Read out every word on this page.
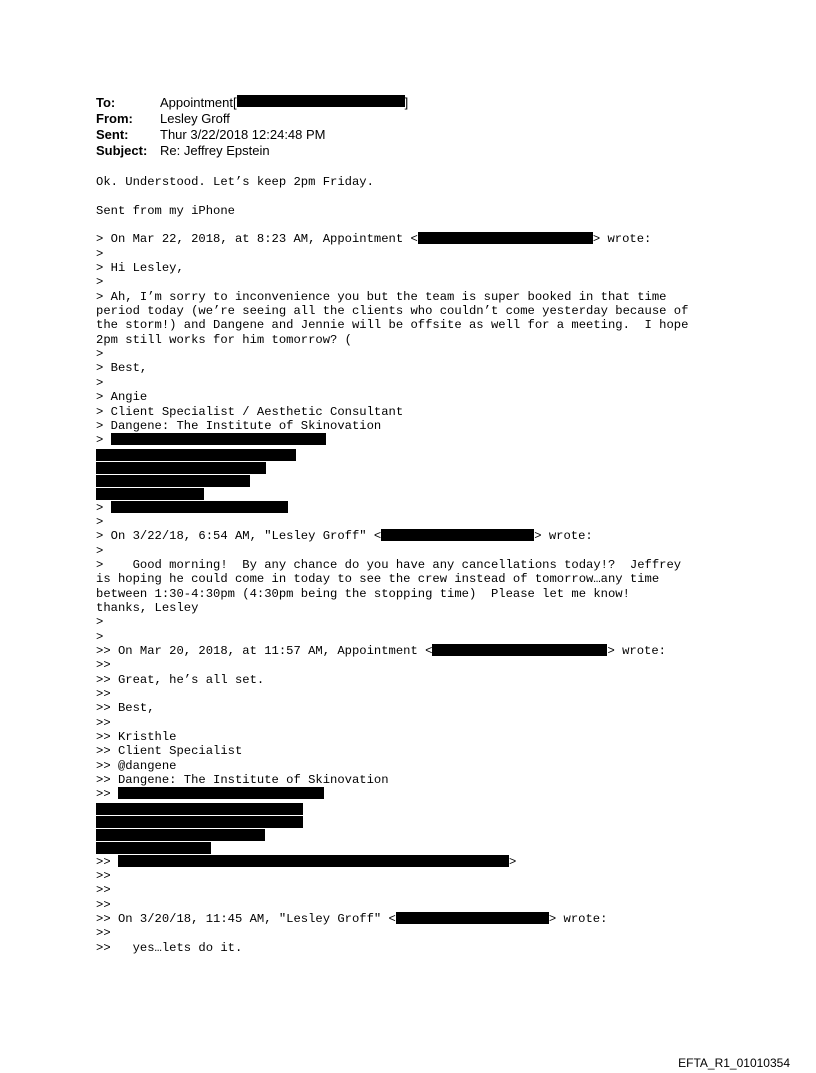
To:	Appointment[	]
From:	Lesley Groff
Sent:	Thur 3/22/2018 12:24:48 PM
Subject: Re: Jeffrey Epstein
Ok. Understood. Let’s keep 2pm Friday.
Sent from my iPhone
> On Mar 22, 2018, at 8:23 AM, Appointment <	> wrote:
>
> Hi Lesley,
>
> Ah, I’m sorry to inconvenience you but the team is super booked in that time
period today (we’re seeing all the clients who couldn’t come yesterday because of
the storm!) and Dangene and Jennie will be offsite as well for a meeting.  I hope
2pm still works for him tomorrow? (
>
> Best,
>
> Angie
> Client Specialist / Aesthetic Consultant
> Dangene: The Institute of Skinovation
>
>
>
> On 3/22/18, 6:54 AM, "Lesley Groff" <	> wrote:
>
>    Good morning!  By any chance do you have any cancellations today!?  Jeffrey
is hoping he could come in today to see the crew instead of tomorrow…any time
between 1:30-4:30pm (4:30pm being the stopping time)  Please let me know!
thanks, Lesley
>
>
>> On Mar 20, 2018, at 11:57 AM, Appointment <	> wrote:
>>
>> Great, he’s all set.
>>
>> Best,
>>
>> Kristhle
>> Client Specialist
>> @dangene
>> Dangene: The Institute of Skinovation
>>
>>	>
>>
>>
>>
>> On 3/20/18, 11:45 AM, "Lesley Groff" <	> wrote:
>>
>>   yes…lets do it.
EFTA_R1_01010354
